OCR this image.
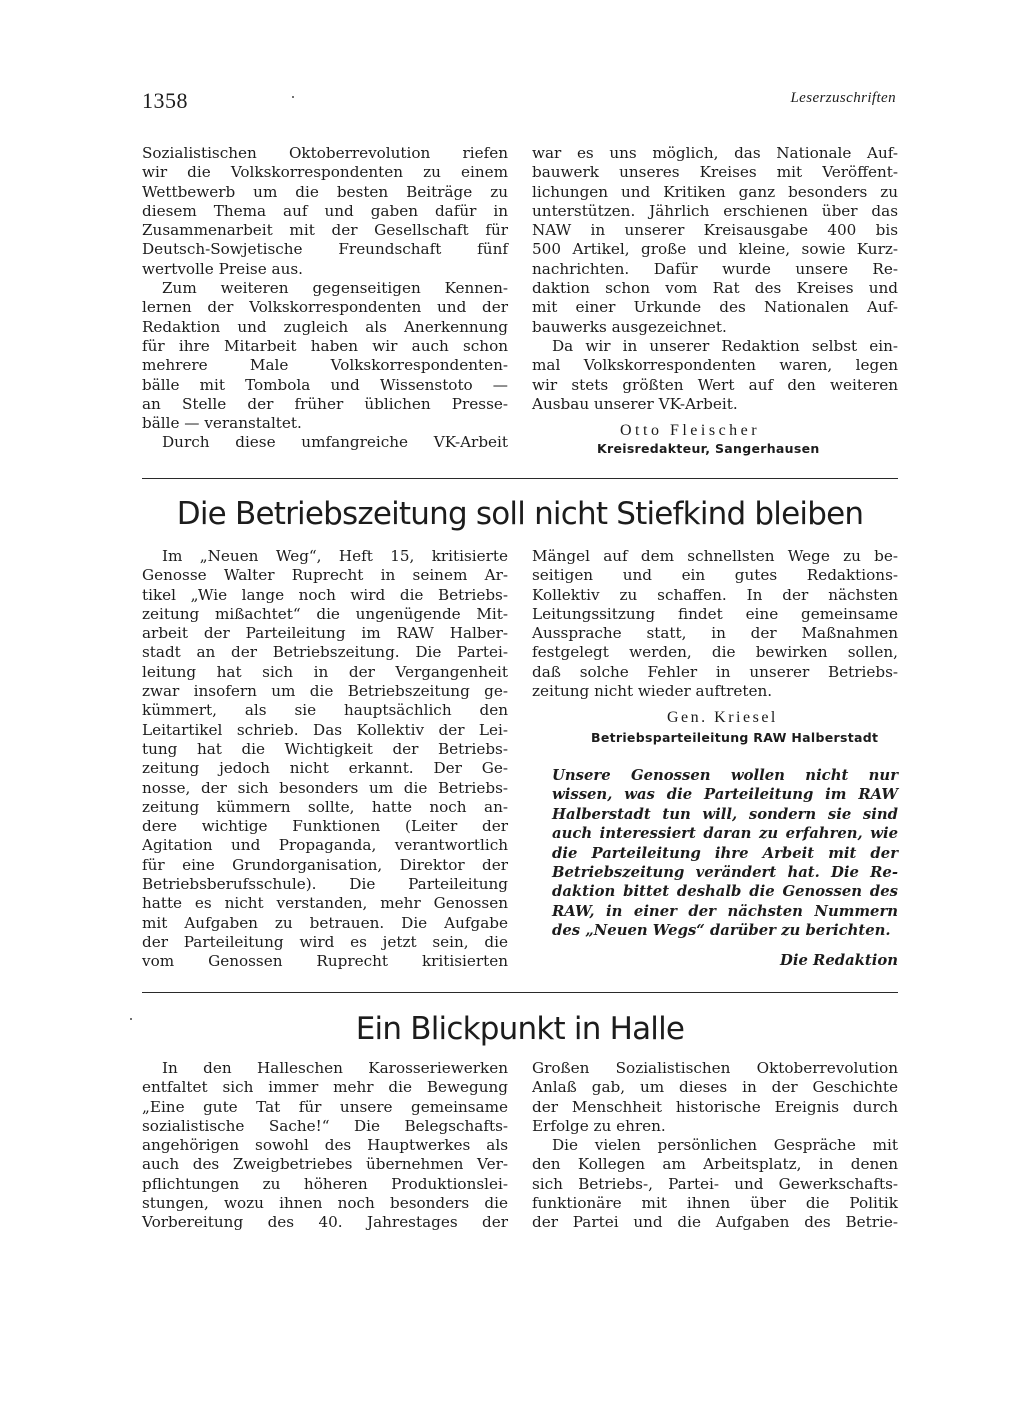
1358	Leserzuschriften
Sozialistischen Oktoberrevolution riefen
wir die Volkskorrespondenten zu einem
Wettbewerb um die besten Beiträge zu
diesem Thema auf und gaben dafür in
Zusammenarbeit mit der Gesellschaft für
Deutsch-Sowjetische Freundschaft fünf
wertvolle Preise aus.
Zum weiteren gegenseitigen Kennen-
lernen der Volkskorrespondenten und der
Redaktion und zugleich als Anerkennung
für ihre Mitarbeit haben wir auch schon
mehrere Male Volkskorrespondenten-
bälle mit Tombola und Wissenstoto —
an Stelle der früher üblichen Presse-
bälle — veranstaltet.
Durch diese umfangreiche VK-Arbeit
war es uns möglich, das Nationale Auf-
bauwerk unseres Kreises mit Veröffent-
lichungen und Kritiken ganz besonders zu
unterstützen. Jährlich erschienen über das
NAW in unserer Kreisausgabe 400 bis
500 Artikel, große und kleine, sowie Kurz-
nachrichten. Dafür wurde unsere Re-
daktion schon vom Rat des Kreises und
mit einer Urkunde des Nationalen Auf-
bauwerks ausgezeichnet.
Da wir in unserer Redaktion selbst ein-
mal Volkskorrespondenten waren, legen
wir stets größten Wert auf den weiteren
Ausbau unserer VK-Arbeit.
Otto Fleischer
Kreisredakteur, Sangerhausen
Die Betriebszeitung soll nicht Stiefkind bleiben
Im „Neuen Weg“, Heft 15, kritisierte
Genosse Walter Ruprecht in seinem Ar-
tikel „Wie lange noch wird die Betriebs-
zeitung mißachtet“ die ungenügende Mit-
arbeit der Parteileitung im RAW Halber-
stadt an der Betriebszeitung. Die Partei-
leitung hat sich in der Vergangenheit
zwar insofern um die Betriebszeitung ge-
kümmert, als sie hauptsächlich den
Leitartikel schrieb. Das Kollektiv der Lei-
tung hat die Wichtigkeit der Betriebs-
zeitung jedoch nicht erkannt. Der Ge-
nosse, der sich besonders um die Betriebs-
zeitung kümmern sollte, hatte noch an-
dere wichtige Funktionen (Leiter der
Agitation und Propaganda, verantwortlich
für eine Grundorganisation, Direktor der
Betriebsberufsschule). Die Parteileitung
hatte es nicht verstanden, mehr Genossen
mit Aufgaben zu betrauen. Die Aufgabe
der Parteileitung wird es jetzt sein, die
vom Genossen Ruprecht kritisierten
Mängel auf dem schnellsten Wege zu be-
seitigen und ein gutes Redaktions-
Kollektiv zu schaffen. In der nächsten
Leitungssitzung findet eine gemeinsame
Aussprache statt, in der Maßnahmen
festgelegt werden, die bewirken sollen,
daß solche Fehler in unserer Betriebs-
zeitung nicht wieder auftreten.
Gen. Kriesel
Betriebsparteileitung RAW Halberstadt
Unsere Genossen wollen nicht nur
wissen, was die Parteileitung im RAW
Halberstadt tun will, sondern sie sind
auch interessiert daran zu erfahren, wie
die Parteileitung ihre Arbeit mit der
Betriebszeitung verändert hat. Die Re-
daktion bittet deshalb die Genossen des
RAW, in einer der nächsten Nummern
des „Neuen Wegs“ darüber zu berichten.
Die Redaktion
Ein Blickpunkt in Halle
In den Halleschen Karosseriewerken
entfaltet sich immer mehr die Bewegung
„Eine gute Tat für unsere gemeinsame
sozialistische Sache!“ Die Belegschafts-
angehörigen sowohl des Hauptwerkes als
auch des Zweigbetriebes übernehmen Ver-
pflichtungen zu höheren Produktionslei-
stungen, wozu ihnen noch besonders die
Vorbereitung des 40. Jahrestages der
Großen Sozialistischen Oktoberrevolution
Anlaß gab, um dieses in der Geschichte
der Menschheit historische Ereignis durch
Erfolge zu ehren.
Die vielen persönlichen Gespräche mit
den Kollegen am Arbeitsplatz, in denen
sich Betriebs-, Partei- und Gewerkschafts-
funktionäre mit ihnen über die Politik
der Partei und die Aufgaben des Betrie-
